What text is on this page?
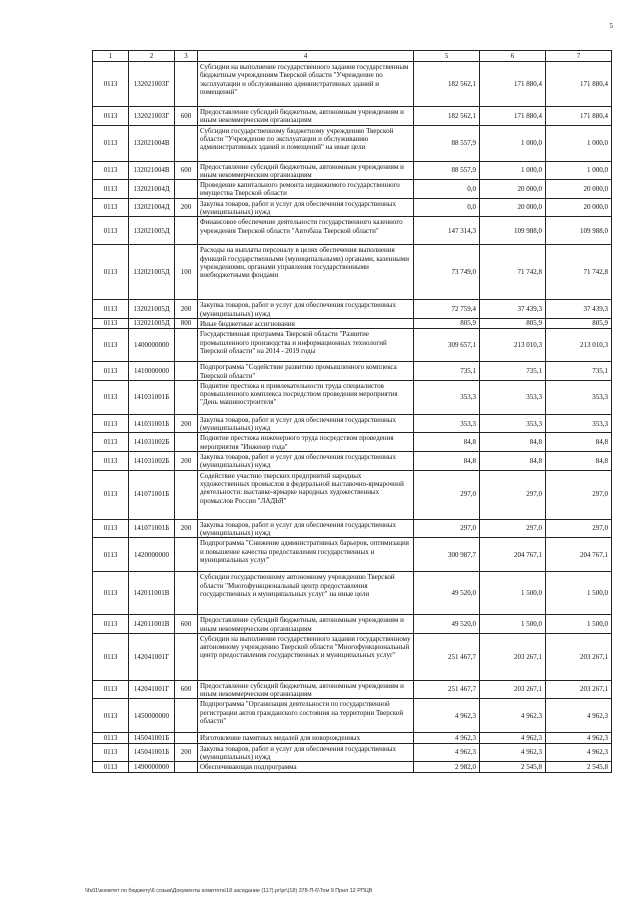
5
1	2	3	4	5	6	7
0113	132021003Г		Субсидии на выполнение государственного задания государственным бюджетным учреждениям Тверской области "Учреждение по эксплуатации и обслуживанию административных зданий и помещений"	182 562,1	171 880,4	171 880,4
0113	132021003Г	600	Предоставление субсидий бюджетным, автономным учреждениям и иным некоммерческим организациям	182 562,1	171 880,4	171 880,4
0113	132021004В		Субсидии государственному бюджетному учреждению Тверской области "Учреждение по эксплуатации и обслуживанию административных зданий и помещений" на иные цели	88 557,9	1 000,0	1 000,0
0113	132021004В	600	Предоставление субсидий бюджетным, автономным учреждениям и иным некоммерческим организациям	88 557,9	1 000,0	1 000,0
0113	132021004Д		Проведение капитального ремонта недвижимого государственного имущества Тверской области	0,0	20 000,0	20 000,0
0113	132021004Д	200	Закупка товаров, работ и услуг для обеспечения государственных (муниципальных) нужд	0,0	20 000,0	20 000,0
0113	132021005Д		Финансовое обеспечение деятельности государственного казенного учреждения Тверской области "Автобаза Тверской области"	147 314,3	109 988,0	109 988,0
0113	132021005Д	100	Расходы на выплаты персоналу в целях обеспечения выполнения функций государственными (муниципальными) органами, казенными учреждениями, органами управления государственными внебюджетными фондами	73 749,0	71 742,8	71 742,8
0113	132021005Д	200	Закупка товаров, работ и услуг для обеспечения государственных (муниципальных) нужд	72 759,4	37 439,3	37 439,3
0113	132021005Д	800	Иные бюджетные ассигнования	805,9	805,9	805,9
0113	1400000000		Государственная программа Тверской области "Развитие промышленного производства и информационных технологий Тверской области" на 2014 - 2019 годы	309 657,1	213 010,3	213 010,3
0113	1410000000		Подпрограмма "Содействие развитию промышленного комплекса Тверской области"	735,1	735,1	735,1
0113	141031001Б		Поднятие престижа и привлекательности труда специалистов промышленного комплекса посредством проведения мероприятия "День машиностроителя"	353,3	353,3	353,3
0113	141031001Б	200	Закупка товаров, работ и услуг для обеспечения государственных (муниципальных) нужд	353,3	353,3	353,3
0113	141031002Б		Поднятие престижа инженерного труда посредством проведения мероприятия "Инженер года"	84,8	84,8	84,8
0113	141031002Б	200	Закупка товаров, работ и услуг для обеспечения государственных (муниципальных) нужд	84,8	84,8	84,8
0113	141071001Б		Содействие участию тверских предприятий народных художественных промыслов в федеральной выставочно-ярмарочной деятельности: выставке-ярмарке народных художественных промыслов России "ЛАДЬЯ"	297,0	297,0	297,0
0113	141071001Б	200	Закупка товаров, работ и услуг для обеспечения государственных (муниципальных) нужд	297,0	297,0	297,0
0113	1420000000		Подпрограмма "Снижение административных барьеров, оптимизация и повышение качества предоставления государственных и муниципальных услуг"	300 987,7	204 767,1	204 767,1
0113	142011001В		Субсидии государственному автономному учреждению Тверской области "Многофункциональный центр предоставления государственных и муниципальных услуг" на иные цели	49 520,0	1 500,0	1 500,0
0113	142011001В	600	Предоставление субсидий бюджетным, автономным учреждениям и иным некоммерческим организациям	49 520,0	1 500,0	1 500,0
0113	142041001Г		Субсидии на выполнение государственного задания государственному автономному учреждению Тверской области "Многофункциональный центр предоставления государственных и муниципальных услуг"	251 467,7	203 267,1	203 267,1
0113	142041001Г	600	Предоставление субсидий бюджетным, автономным учреждениям и иным некоммерческим организациям	251 467,7	203 267,1	203 267,1
0113	1450000000		Подпрограмма "Организация деятельности по государственной регистрации актов гражданского состояния на территории Тверской области"	4 962,3	4 962,3	4 962,3
0113	145041001Б		Изготовление памятных медалей для новорожденных	4 962,3	4 962,3	4 962,3
0113	145041001Б	200	Закупка товаров, работ и услуг для обеспечения государственных (муниципальных) нужд	4 962,3	4 962,3	4 962,3
0113	1490000000		Обеспечивающая подпрограмма	2 982,0	2 545,8	2 545,8
\\fs01\комитет по бюджету\6 созыв\Документы комитета\18 заседание (117).pr\pr\(18) 378-П-6\Том 9 Прил 12 РПЦВ
